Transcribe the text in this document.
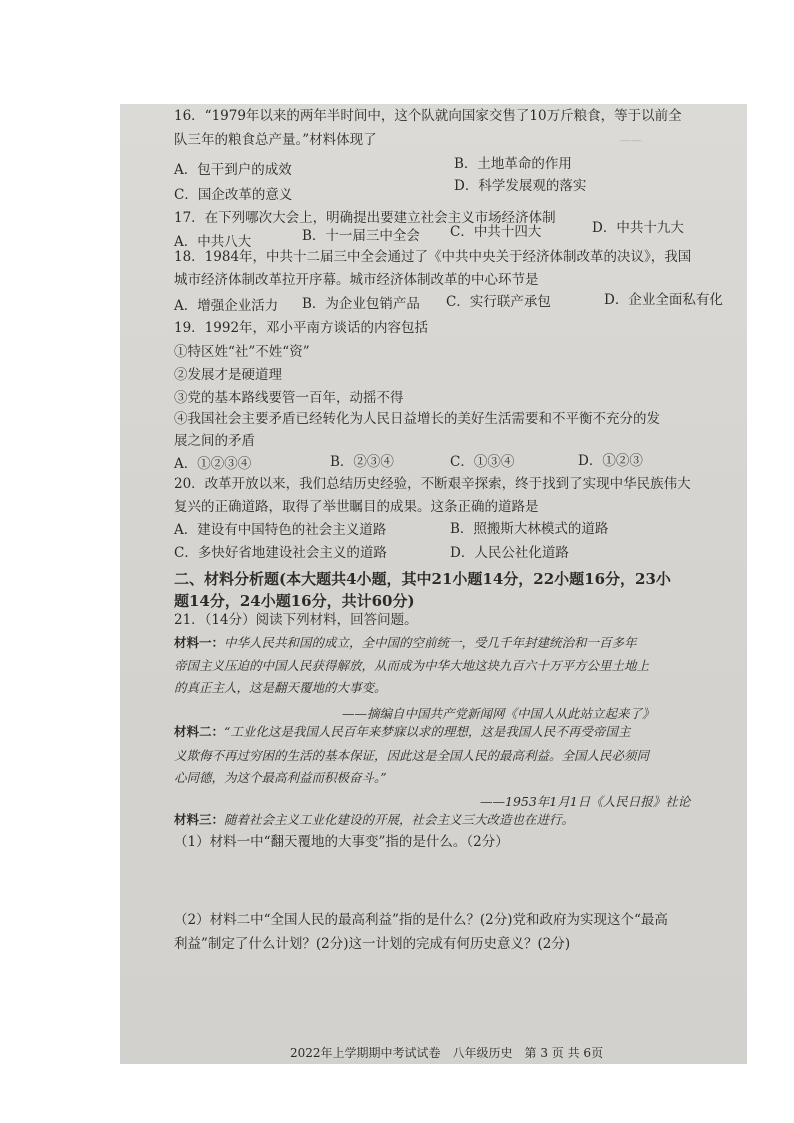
——
16．“1979年以来的两年半时间中，这个队就向国家交售了10万斤粮食，等于以前全
队三年的粮食总产量。”材料体现了
B．土地革命的作用
A．包干到户的成效
D．科学发展观的落实
C．国企改革的意义
17．在下列哪次大会上，明确提出要建立社会主义市场经济体制
A．中共八大	B．十一届三中全会 C．中共十四大	D．中共十九大
18．1984年，中共十二届三中全会通过了《中共中央关于经济体制改革的决议》，我国
城市经济体制改革拉开序幕。城市经济体制改革的中心环节是
A．增强企业活力 B．为企业包销产品 C．实行联产承包	D．企业全面私有化
19．1992年，邓小平南方谈话的内容包括
①特区姓“社”不姓“资”
②发展才是硬道理
③党的基本路线要管一百年，动摇不得
④我国社会主要矛盾已经转化为人民日益增长的美好生活需要和不平衡不充分的发
展之间的矛盾
A．①②③④	B．②③④	C．①③④	D．①②③
20．改革开放以来，我们总结历史经验，不断艰辛探索，终于找到了实现中华民族伟大
复兴的正确道路，取得了举世瞩目的成果。这条正确的道路是
A．建设有中国特色的社会主义道路	B．照搬斯大林模式的道路
C．多快好省地建设社会主义的道路	D．人民公社化道路
二、材料分析题(本大题共4小题，其中21小题14分，22小题16分，23小
题14分，24小题16分，共计60分)
21．（14分）阅读下列材料，回答问题。
材料一：中华人民共和国的成立，全中国的空前统一，受几千年封建统治和一百多年
帝国主义压迫的中国人民获得解放，从而成为中华大地这块九百六十万平方公里土地上
的真正主人，这是翻天覆地的大事变。
——摘编自中国共产党新闻网《中国人从此站立起来了》
材料二：“工业化这是我国人民百年来梦寐以求的理想，这是我国人民不再受帝国主
义欺侮不再过穷困的生活的基本保证，因此这是全国人民的最高利益。全国人民必须同
心同德，为这个最高利益而积极奋斗。”
——1953年1月1日《人民日报》社论
材料三：随着社会主义工业化建设的开展，社会主义三大改造也在进行。
（1）材料一中“翻天覆地的大事变”指的是什么。（2分）
（2）材料二中“全国人民的最高利益”指的是什么？(2分)党和政府为实现这个“最高
利益”制定了什么计划？(2分)这一计划的完成有何历史意义？(2分)
2022年上学期期中考试试卷　八年级历史　第 3 页 共 6页
